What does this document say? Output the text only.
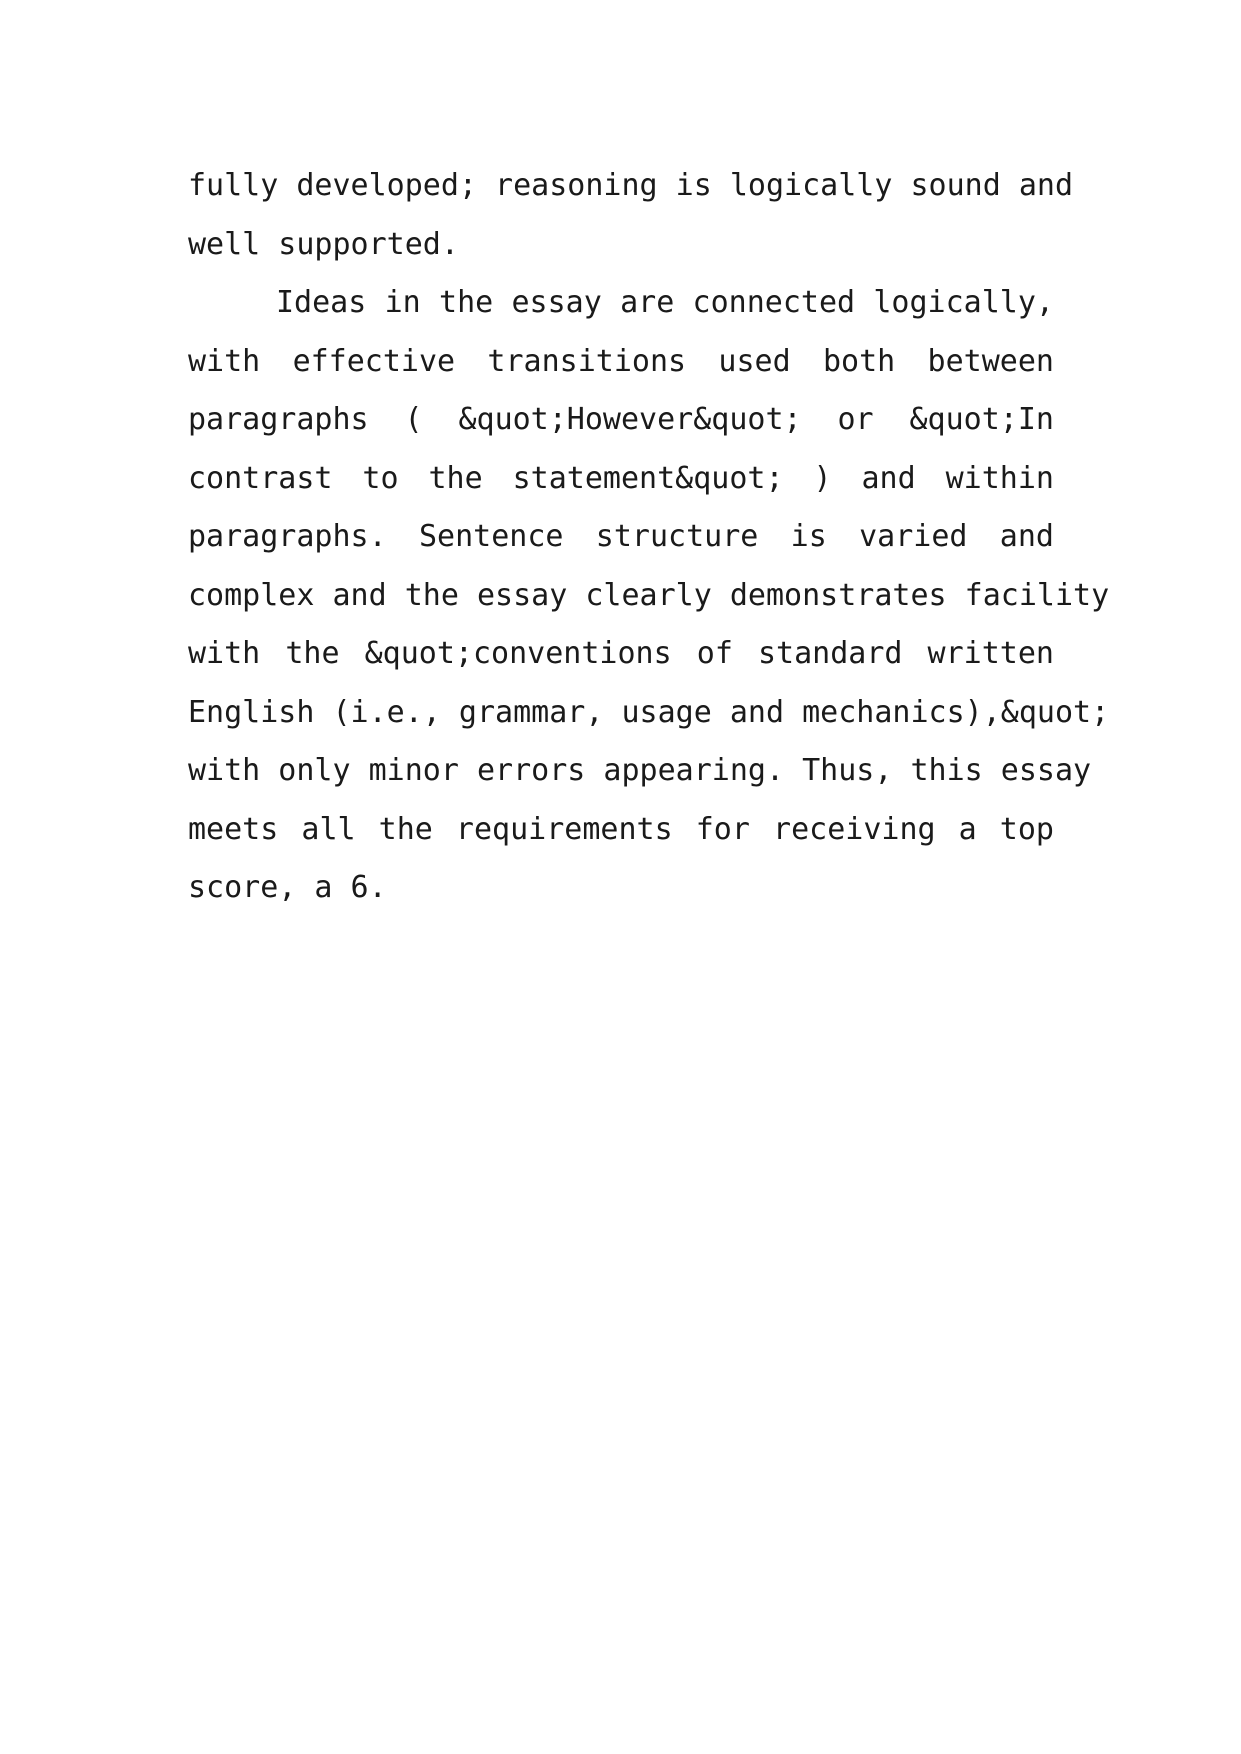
fully developed; reasoning is logically sound and
well supported.
Ideas in the essay are connected logically,
with effective transitions used both between
paragraphs ( &quot;However&quot; or &quot;In
contrast to the statement&quot; ) and within
paragraphs. Sentence structure is varied and
complex and the essay clearly demonstrates facility
with the &quot;conventions of standard written
English (i.e., grammar, usage and mechanics),&quot;
with only minor errors appearing. Thus, this essay
meets all the requirements for receiving a top
score, a 6.
